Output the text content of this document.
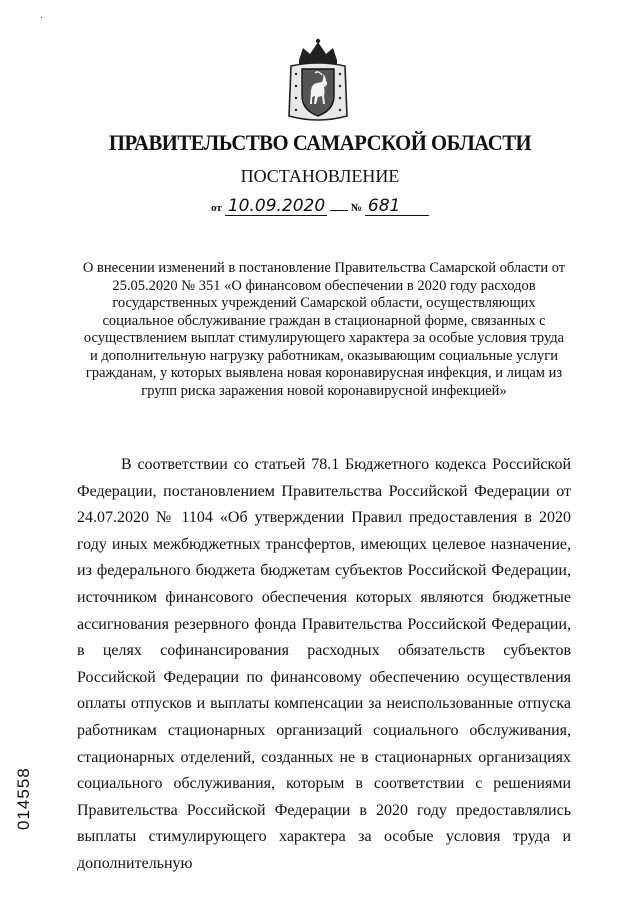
·
ПРАВИТЕЛЬСТВО САМАРСКОЙ ОБЛАСТИ
ПОСТАНОВЛЕНИЕ
от 10.09.2020 № 681
О внесении изменений в постановление Правительства Самарской области от 25.05.2020 № 351 «О финансовом обеспечении в 2020 году расходов государственных учреждений Самарской области, осуществляющих социальное обслуживание граждан в стационарной форме, связанных с осуществлением выплат стимулирующего характера за особые условия труда и дополнительную нагрузку работникам, оказывающим социальные услуги гражданам, у которых выявлена новая коронавирусная инфекция, и лицам из групп риска заражения новой коронавирусной инфекцией»

В соответствии со статьей 78.1 Бюджетного кодекса Российской Федерации, постановлением Правительства Российской Федерации от 24.07.2020 № 1104 «Об утверждении Правил предоставления в 2020 году иных межбюджетных трансфертов, имеющих целевое назначение, из федерального бюджета бюджетам субъектов Российской Федерации, источником финансового обеспечения которых являются бюджетные ассигнования резервного фонда Правительства Российской Федерации, в целях софинансирования расходных обязательств субъектов Российской Федерации по финансовому обеспечению осуществления оплаты отпусков и выплаты компенсации за неиспользованные отпуска работникам стационарных организаций социального обслуживания, стационарных отделений, созданных не в стационарных организациях социального обслуживания, которым в соответствии с решениями Правительства Российской Федерации в 2020 году предоставлялись выплаты стимулирующего характера за особые условия труда и дополнительную

014558
